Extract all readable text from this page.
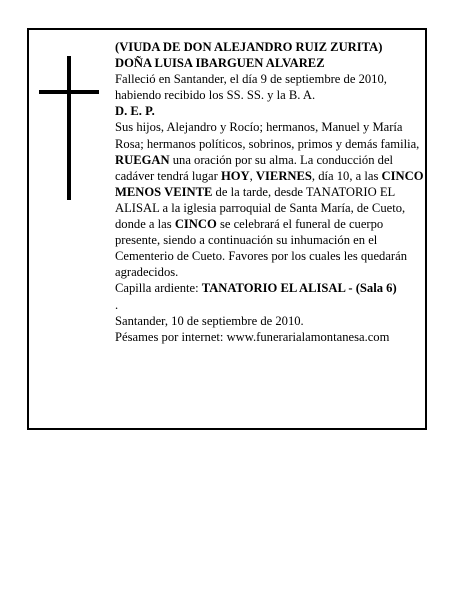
(VIUDA DE DON ALEJANDRO RUIZ ZURITA)

DOÑA LUISA IBARGUEN ALVAREZ

Falleció en Santander, el día 9 de septiembre de 2010, habiendo recibido los SS. SS. y la B. A.

D. E. P.

Sus hijos, Alejandro y Rocío; hermanos, Manuel y María Rosa; hermanos políticos, sobrinos, primos y demás familia,

RUEGAN una oración por su alma. La conducción del cadáver tendrá lugar HOY, VIERNES, día 10, a las CINCO MENOS VEINTE de la tarde, desde TANATORIO EL ALISAL a la iglesia parroquial de Santa María, de Cueto, donde a las CINCO se celebrará el funeral de cuerpo presente, siendo a continuación su inhumación en el Cementerio de Cueto. Favores por los cuales les quedarán agradecidos.

Capilla ardiente: TANATORIO EL ALISAL - (Sala 6)

.

Santander, 10 de septiembre de 2010.

Pésames por internet: www.funerarialamontanesa.com
